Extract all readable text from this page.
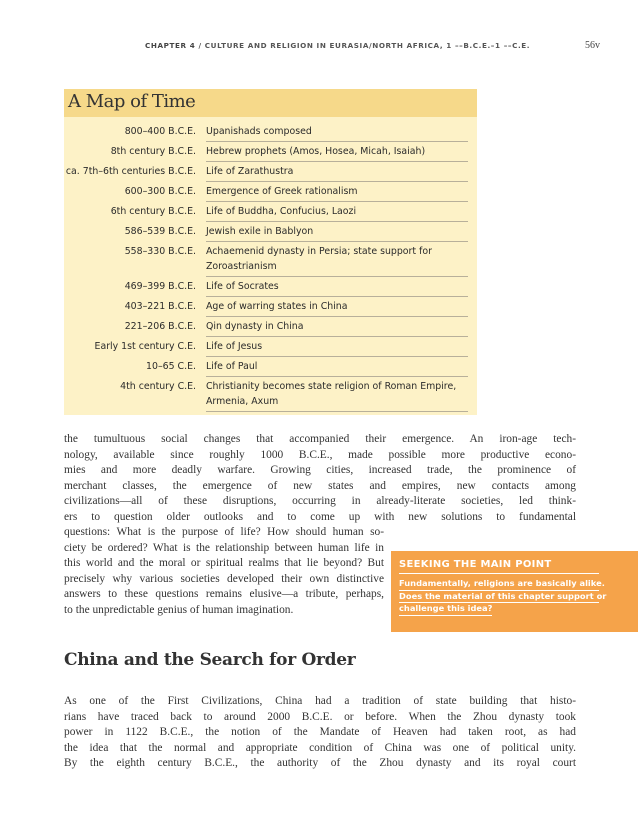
CHAPTER 4 / CULTURE AND RELIGION IN EURASIA/NORTH AFRICA, 1 ––B.C.E.–1 ––C.E.	56v
A Map of Time
800–400 B.C.E. Upanishads composed
8th century B.C.E. Hebrew prophets (Amos, Hosea, Micah, Isaiah)
ca. 7th–6th centuries B.C.E. Life of Zarathustra
600–300 B.C.E. Emergence of Greek rationalism
6th century B.C.E. Life of Buddha, Confucius, Laozi
586–539 B.C.E. Jewish exile in Bablyon
558–330 B.C.E. Achaemenid dynasty in Persia; state support for Zoroastrianism
469–399 B.C.E. Life of Socrates
403–221 B.C.E. Age of warring states in China
221–206 B.C.E. Qin dynasty in China
Early 1st century C.E. Life of Jesus
10–65 C.E. Life of Paul
4th century C.E. Christianity becomes state religion of Roman Empire, Armenia, Axum

the tumultuous social changes that accompanied their emergence. An iron-age tech-
nology, available since roughly 1000 B.C.E., made possible more productive econo-
mies and more deadly warfare. Growing cities, increased trade, the prominence of
merchant classes, the emergence of new states and empires, new contacts among
civilizations—all of these disruptions, occurring in already-literate societies, led think-
ers to question older outlooks and to come up with new solutions to fundamental
questions: What is the purpose of life? How should human so-
ciety be ordered? What is the relationship between human life in
this world and the moral or spiritual realms that lie beyond? But
precisely why various societies developed their own distinctive
answers to these questions remains elusive—a tribute, perhaps,
to the unpredictable genius of human imagination.

SEEKING THE MAIN POINT
Fundamentally, religions are basically alike.
Does the material of this chapter support or
challenge this idea?
China and the Search for Order

As one of the First Civilizations, China had a tradition of state building that histo-
rians have traced back to around 2000 B.C.E. or before. When the Zhou dynasty took
power in 1122 B.C.E., the notion of the Mandate of Heaven had taken root, as had
the idea that the normal and appropriate condition of China was one of political unity.
By the eighth century B.C.E., the authority of the Zhou dynasty and its royal court
